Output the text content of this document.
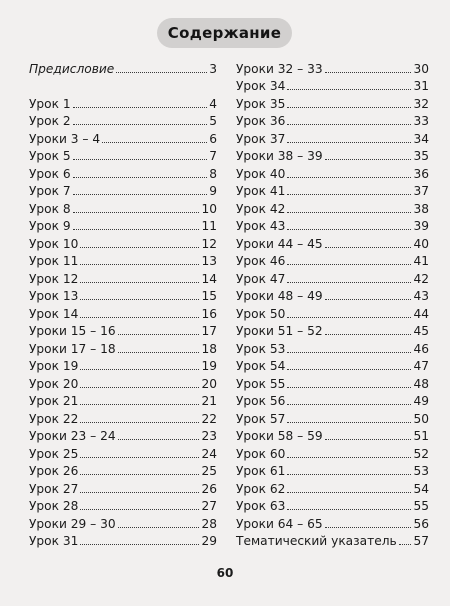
Содержание
Предисловие	3
Урок 1	4
Урок 2	5
Уроки 3 – 4	6
Урок 5	7
Урок 6	8
Урок 7	9
Урок 8	10
Урок 9	11
Урок 10	12
Урок 11	13
Урок 12	14
Урок 13	15
Урок 14	16
Уроки 15 – 16	17
Уроки 17 – 18	18
Урок 19	19
Урок 20	20
Урок 21	21
Урок 22	22
Уроки 23 – 24	23
Урок 25	24
Урок 26	25
Урок 27	26
Урок 28	27
Уроки 29 – 30	28
Урок 31	29
Уроки 32 – 33	30
Урок 34	31
Урок 35	32
Урок 36	33
Урок 37	34
Уроки 38 – 39	35
Урок 40	36
Урок 41	37
Урок 42	38
Урок 43	39
Уроки 44 – 45	40
Урок 46	41
Урок 47	42
Уроки 48 – 49	43
Урок 50	44
Уроки 51 – 52	45
Урок 53	46
Урок 54	47
Урок 55	48
Урок 56	49
Урок 57	50
Уроки 58 – 59	51
Урок 60	52
Урок 61	53
Урок 62	54
Урок 63	55
Уроки 64 – 65	56
Тематический указатель 57
60
